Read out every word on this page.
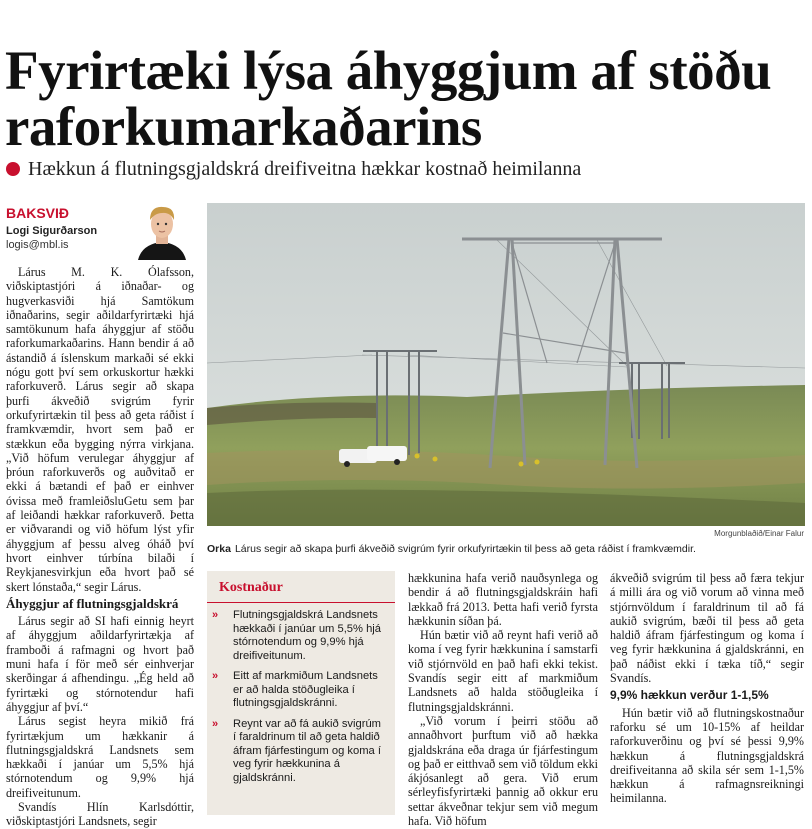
Fyrirtæki lýsa áhyggjum af stöðu raforkumarkaðarins
Hækkun á flutningsgjaldskrá dreifiveitna hækkar kostnað heimilanna
BAKSVIÐ
Logi Sigurðarson
logis@mbl.is

Lárus M. K. Ólafsson, viðskiptastjóri á iðnaðar- og hugverkasviði hjá Samtökum iðnaðarins, segir aðildarfyrirtæki hjá samtökunum hafa áhyggjur af stöðu raforkumarkaðarins. Hann bendir á að ástandið á íslenskum markaði sé ekki nógu gott því sem orkuskortur hækki raforkuverð. Lárus segir að skapa þurfi ákveðið svigrúm fyrir orkufyrirtækin til þess að geta ráðist í framkvæmdir, hvort sem það er stækkun eða bygging nýrra virkjana. „Við höfum verulegar áhyggjur af þróun raforkuverðs og auðvitað er ekki á bætandi ef það er einhver óvissa með framleiðsluGetu sem þar af leiðandi hækkar raforkuverð. Þetta er viðvarandi og við höfum lýst yfir áhyggjum af þessu alveg óháð því hvort einhver túrbína bilaði í Reykjanesvirkjun eða hvort það sé skert lónstaða,“ segir Lárus.

Áhyggjur af flutningsgjaldskrá

Lárus segir að SI hafi einnig heyrt af áhyggjum aðildarfyrirtækja af framboði á rafmagni og hvort það muni hafa í för með sér einhverjar skerðingar á afhendingu. „Ég held að fyrirtæki og stórnotendur hafi áhyggjur af því.“

Lárus segist heyra mikið frá fyrirtækjum um hækkanir á flutningsgjaldskrá Landsnets sem hækkaði í janúar um 5,5% hjá stórnotendum og 9,9% hjá dreifiveitunum.

Svandís Hlín Karlsdóttir, viðskiptastjóri Landsnets, segir

Morgunblaðið/Einar Falur
Orka Lárus segir að skapa þurfi ákveðið svigrúm fyrir orkufyrirtækin til þess að geta ráðist í framkvæmdir.
Kostnaður
»	Flutningsgjaldskrá Landsnets hækkaði í janúar um 5,5% hjá stórnotendum og 9,9% hjá dreifiveitunum.
»	Eitt af markmiðum Landsnets er að halda stöðugleika í flutningsgjaldskránni.
»	Reynt var að fá aukið svigrúm í faraldrinum til að geta haldið áfram fjárfestingum og koma í veg fyrir hækkunina á gjaldskránni.

hækkunina hafa verið nauðsynlega og bendir á að flutningsgjaldskráin hafi lækkað frá 2013. Þetta hafi verið fyrsta hækkunin síðan þá.

Hún bætir við að reynt hafi verið að koma í veg fyrir hækkunina í samstarfi við stjórnvöld en það hafi ekki tekist. Svandís segir eitt af markmiðum Landsnets að halda stöðugleika í flutningsgjaldskránni.

„Við vorum í þeirri stöðu að annaðhvort þurftum við að hækka gjaldskrána eða draga úr fjárfestingum og það er eitthvað sem við töldum ekki ákjósanlegt að gera. Við erum sérleyfisfyrirtæki þannig að okkur eru settar ákveðnar tekjur sem við megum hafa. Við höfum

ákveðið svigrúm til þess að færa tekjur á milli ára og við vorum að vinna með stjórnvöldum í faraldrinum til að fá aukið svigrúm, bæði til þess að geta haldið áfram fjárfestingum og koma í veg fyrir hækkunina á gjaldskránni, en það náðist ekki í tæka tíð,“ segir Svandís.

9,9% hækkun verður 1-1,5%

Hún bætir við að flutningskostnaður raforku sé um 10-15% af heildar raforkuverðinu og því sé þessi 9,9% hækkun á flutningsgjaldskrá dreifiveitanna að skila sér sem 1-1,5% hækkun á rafmagnsreikningi heimilanna.
